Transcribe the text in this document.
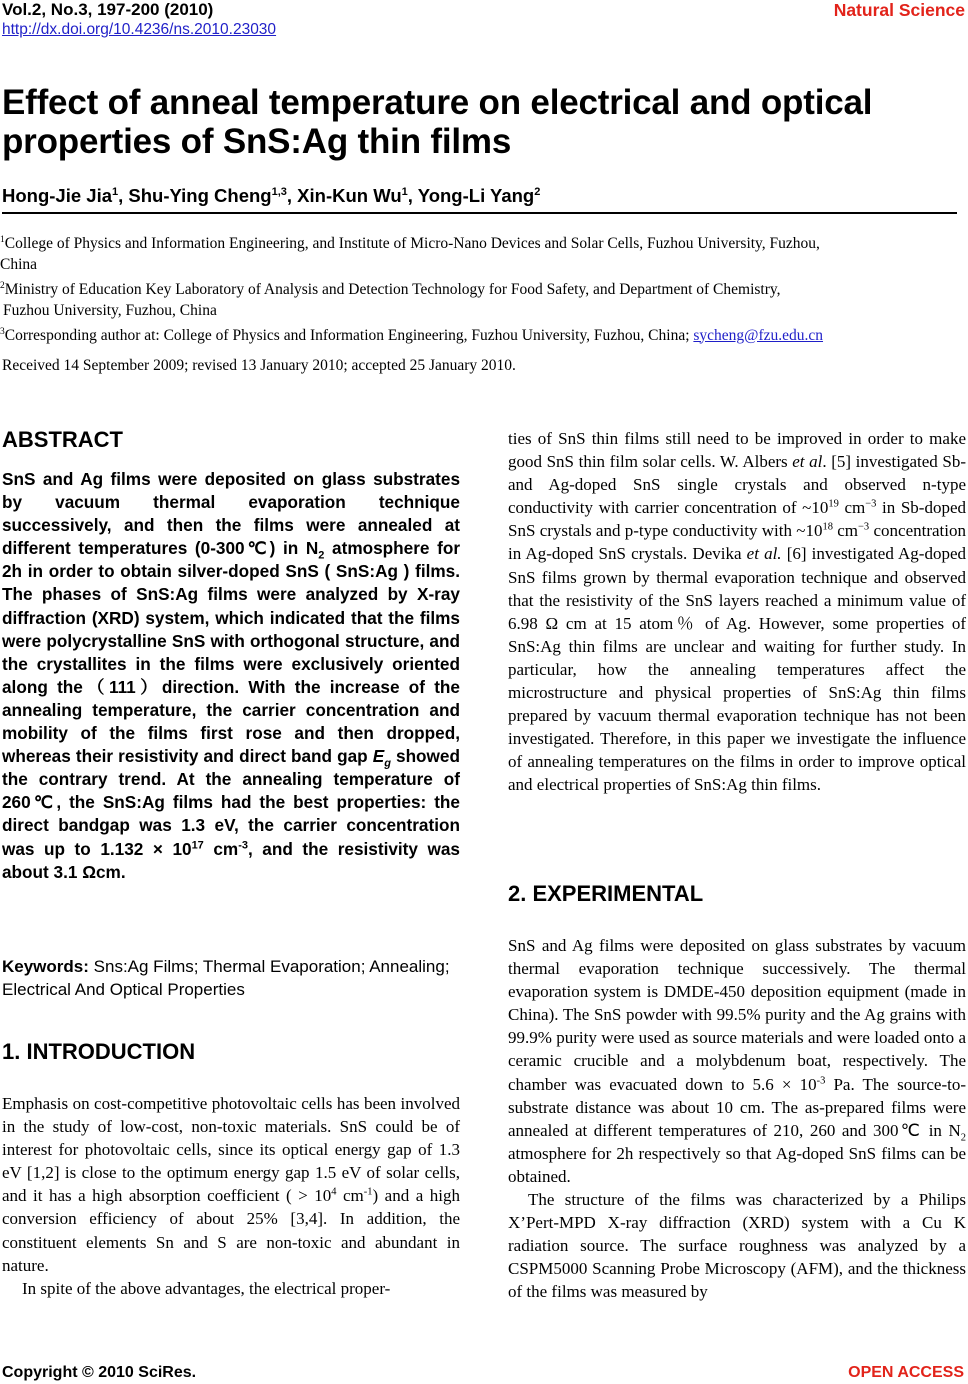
Vol.2, No.3, 197-200 (2010)
http://dx.doi.org/10.4236/ns.2010.23030
Natural Science
Effect of anneal temperature on electrical and optical properties of SnS:Ag thin films
Hong-Jie Jia$^1$, Shu-Ying Cheng$^{1,3}$, Xin-Kun Wu$^1$, Yong-Li Yang$^2$
$^1$College of Physics and Information Engineering, and Institute of Micro-Nano Devices and Solar Cells, Fuzhou University, Fuzhou,
China
$^2$Ministry of Education Key Laboratory of Analysis and Detection Technology for Food Safety, and Department of Chemistry,
Fuzhou University, Fuzhou, China
$^3$Corresponding author at: College of Physics and Information Engineering, Fuzhou University, Fuzhou, China; sycheng@fzu.edu.cn
Received 14 September 2009; revised 13 January 2010; accepted 25 January 2010.
ABSTRACT
SnS and Ag films were deposited on glass substrates by vacuum thermal evaporation technique successively, and then the films were annealed at different temperatures (0-300℃) in $N_2$ atmosphere for 2h in order to obtain silver-doped SnS ( SnS:Ag ) films. The phases of SnS:Ag films were analyzed by X-ray diffraction (XRD) system, which indicated that the films were polycrystalline SnS with orthogonal structure, and the crystallites in the films were exclusively oriented along the（111）direction. With the increase of the annealing temperature, the carrier concentration and mobility of the films first rose and then dropped, whereas their resistivity and direct band gap $E_g$ showed the contrary trend. At the annealing temperature of 260℃, the SnS:Ag films had the best properties: the direct bandgap was 1.3 eV, the carrier concentration was up to $1.132 \times 10^{17}$ $cm^{-3}$, and the resistivity was about 3.1 Ωcm.
Keywords: Sns:Ag Films; Thermal Evaporation; Annealing; Electrical And Optical Properties
1. INTRODUCTION

Emphasis on cost-competitive photovoltaic cells has been involved in the study of low-cost, non-toxic materials. SnS could be of interest for photovoltaic cells, since its optical energy gap of 1.3 eV [1,2] is close to the optimum energy gap 1.5 eV of solar cells, and it has a high absorption coefficient ( > $10^4$ $cm^{-1}$) and a high conversion efficiency of about 25% [3,4]. In addition, the constituent elements Sn and S are non-toxic and abundant in nature.

In spite of the above advantages, the electrical proper-

ties of SnS thin films still need to be improved in order to make good SnS thin film solar cells. W. Albers et al. [5] investigated Sb- and Ag-doped SnS single crystals and observed n-type conductivity with carrier concentration of $\sim 10^{19}$ $cm^{-3}$ in Sb-doped SnS crystals and p-type conductivity with $\sim 10^{18}$ $cm^{-3}$ concentration in Ag-doped SnS crystals. Devika et al. [6] investigated Ag-doped SnS films grown by thermal evaporation technique and observed that the resistivity of the SnS layers reached a minimum value of 6.98 Ω cm at 15 atom％ of Ag. However, some properties of SnS:Ag thin films are unclear and waiting for further study. In particular, how the annealing temperatures affect the microstructure and physical properties of SnS:Ag thin films prepared by vacuum thermal evaporation technique has not been investigated. Therefore, in this paper we investigate the influence of annealing temperatures on the films in order to improve optical and electrical properties of SnS:Ag thin films.

2. EXPERIMENTAL

SnS and Ag films were deposited on glass substrates by vacuum thermal evaporation technique successively. The thermal evaporation system is DMDE-450 deposition equipment (made in China). The SnS powder with 99.5% purity and the Ag grains with 99.9% purity were used as source materials and were loaded onto a ceramic crucible and a molybdenum boat, respectively. The chamber was evacuated down to $5.6 \times 10^{-3}$ Pa. The source-to-substrate distance was about 10 cm. The as-prepared films were annealed at different temperatures of 210, 260 and 300℃ in $N_2$ atmosphere for 2h respectively so that Ag-doped SnS films can be obtained.

The structure of the films was characterized by a Philips X’Pert-MPD X-ray diffraction (XRD) system with a Cu K radiation source. The surface roughness was analyzed by a CSPM5000 Scanning Probe Microscopy (AFM), and the thickness of the films was measured by

Copyright © 2010 SciRes.	OPEN ACCESS
